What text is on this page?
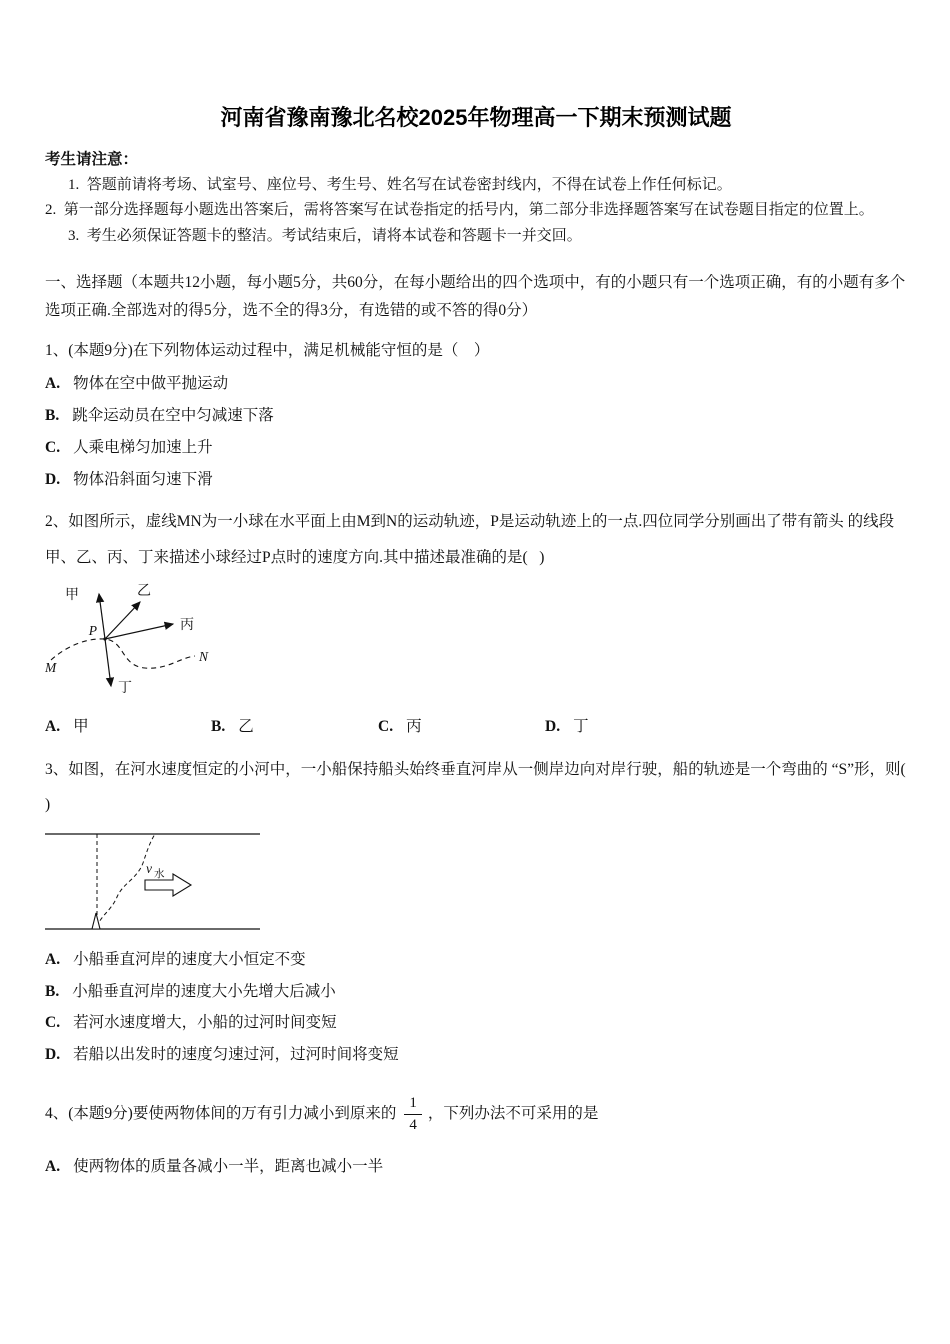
河南省豫南豫北名校2025年物理高一下期末预测试题

考生请注意：

1.  答题前请将考场、试室号、座位号、考生号、姓名写在试卷密封线内，不得在试卷上作任何标记。

2.  第一部分选择题每小题选出答案后，需将答案写在试卷指定的括号内，第二部分非选择题答案写在试卷题目指定的位置上。

3.  考生必须保证答题卡的整洁。考试结束后，请将本试卷和答题卡一并交回。

一、选择题（本题共12小题，每小题5分，共60分，在每小题给出的四个选项中，有的小题只有一个选项正确，有的小题有多个选项正确.全部选对的得5分，选不全的得3分，有选错的或不答的得0分）

1、(本题9分)在下列物体运动过程中，满足机械能守恒的是（    ）

A. 物体在空中做平抛运动
B. 跳伞运动员在空中匀减速下落
C. 人乘电梯匀加速上升
D. 物体沿斜面匀速下滑

2、如图所示，虚线MN为一小球在水平面上由M到N的运动轨迹，P是运动轨迹上的一点.四位同学分别画出了带有箭头 的线段甲、乙、丙、丁来描述小球经过P点时的速度方向.其中描述最准确的是(   )

甲	乙
丙
丁
P
M
N
A. 甲	B. 乙	C. 丙	D. 丁

3、如图，在河水速度恒定的小河中，一小船保持船头始终垂直河岸从一侧岸边向对岸行驶，船的轨迹是一个弯曲的 “S”形，则(      )

v 水
A. 小船垂直河岸的速度大小恒定不变
B. 小船垂直河岸的速度大小先增大后减小
C. 若河水速度增大，小船的过河时间变短
D. 若船以出发时的速度匀速过河，过河时间将变短
4、(本题9分)要使两物体间的万有引力减小到原来的 $\frac{1}{4}$ ，下列办法不可采用的是
A. 使两物体的质量各减小一半，距离也减小一半
